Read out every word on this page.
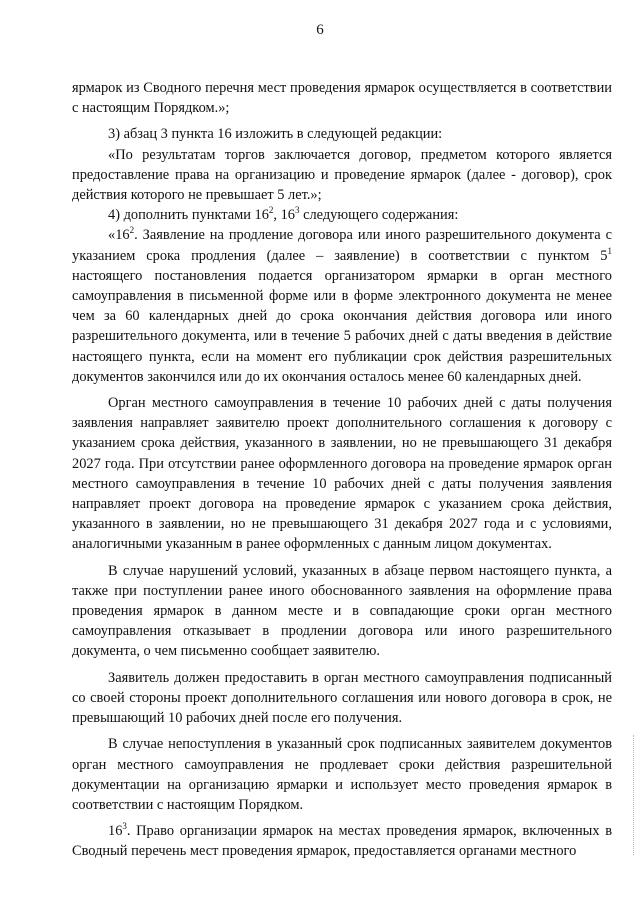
6

ярмарок из Сводного перечня мест проведения ярмарок осуществляется в соответствии с настоящим Порядком.»;

3) абзац 3 пункта 16 изложить в следующей редакции:

«По результатам торгов заключается договор, предметом которого является предоставление права на организацию и проведение ярмарок (далее - договор), срок действия которого не превышает 5 лет.»;

4) дополнить пунктами $16^2$, $16^3$ следующего содержания:

«$16^2$. Заявление на продление договора или иного разрешительного документа с указанием срока продления (далее – заявление) в соответствии с пунктом $5^1$ настоящего постановления подается организатором ярмарки в орган местного самоуправления в письменной форме или в форме электронного документа не менее чем за 60 календарных дней до срока окончания действия договора или иного разрешительного документа, или в течение 5 рабочих дней с даты введения в действие настоящего пункта, если на момент его публикации срок действия разрешительных документов закончился или до их окончания осталось менее 60 календарных дней.

Орган местного самоуправления в течение 10 рабочих дней с даты получения заявления направляет заявителю проект дополнительного соглашения к договору с указанием срока действия, указанного в заявлении, но не превышающего 31 декабря 2027 года. При отсутствии ранее оформленного договора на проведение ярмарок орган местного самоуправления в течение 10 рабочих дней с даты получения заявления направляет проект договора на проведение ярмарок с указанием срока действия, указанного в заявлении, но не превышающего 31 декабря 2027 года и с условиями, аналогичными указанным в ранее оформленных с данным лицом документах.

В случае нарушений условий, указанных в абзаце первом настоящего пункта, а также при поступлении ранее иного обоснованного заявления на оформление права проведения ярмарок в данном месте и в совпадающие сроки орган местного самоуправления отказывает в продлении договора или иного разрешительного документа, о чем письменно сообщает заявителю.

Заявитель должен предоставить в орган местного самоуправления подписанный со своей стороны проект дополнительного соглашения или нового договора в срок, не превышающий 10 рабочих дней после его получения.

В случае непоступления в указанный срок подписанных заявителем документов орган местного самоуправления не продлевает сроки действия разрешительной документации на организацию ярмарки и использует место проведения ярмарок в соответствии с настоящим Порядком.

$16^3$. Право организации ярмарок на местах проведения ярмарок, включенных в Сводный перечень мест проведения ярмарок, предоставляется органами местного
